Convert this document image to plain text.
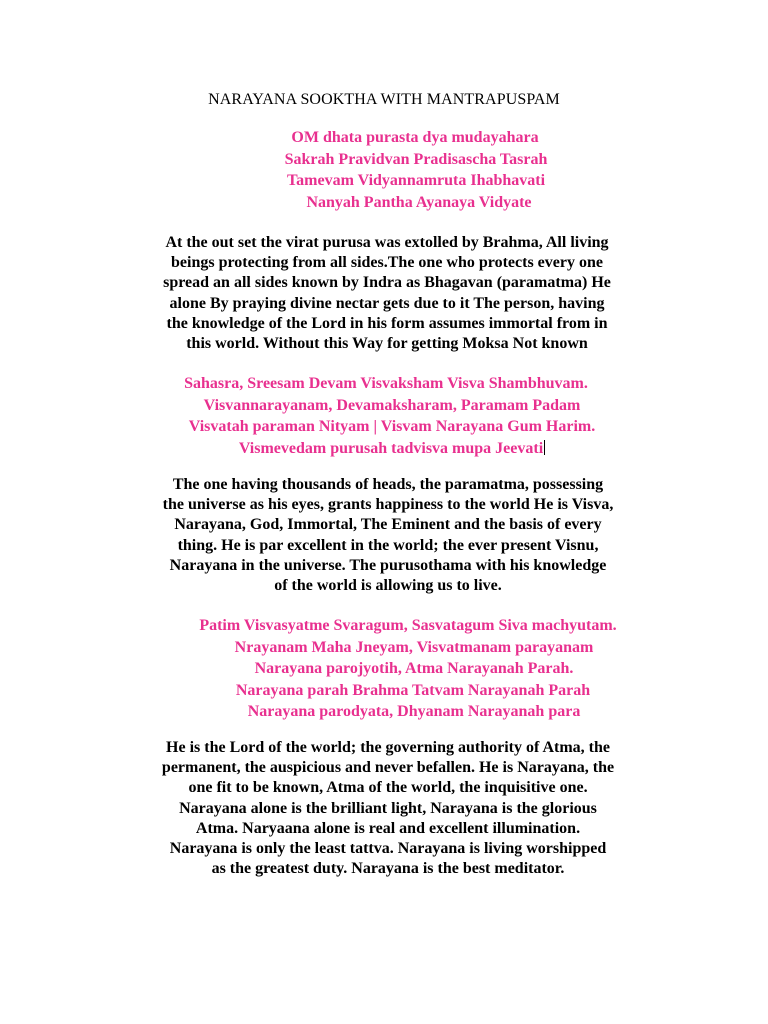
NARAYANA SOOKTHA WITH MANTRAPUSPAM
OM dhata purasta dya mudayahara
Sakrah Pravidvan Pradisascha Tasrah
Tamevam Vidyannamruta Ihabhavati
Nanyah Pantha Ayanaya Vidyate
At the out set the virat purusa was extolled by Brahma, All living
beings protecting from all sides.The one who protects every one
spread an all sides known by Indra as Bhagavan (paramatma) He
alone By praying divine nectar gets due to it The person, having
the knowledge of the Lord in his form assumes immortal from in
this world. Without this Way for getting Moksa Not known
Sahasra, Sreesam Devam Visvaksham Visva Shambhuvam.
Visvannarayanam, Devamaksharam, Paramam Padam
Visvatah paraman Nityam | Visvam Narayana Gum Harim.
Vismevedam purusah tadvisva mupa Jeevati
The one having thousands of heads, the paramatma, possessing
the universe as his eyes, grants happiness to the world He is Visva,
Narayana, God, Immortal, The Eminent and the basis of every
thing. He is par excellent in the world; the ever present Visnu,
Narayana in the universe. The purusothama with his knowledge
of the world is allowing us to live.
Patim Visvasyatme Svaragum, Sasvatagum Siva machyutam.
Nrayanam Maha Jneyam, Visvatmanam parayanam
Narayana parojyotih, Atma Narayanah Parah.
Narayana parah Brahma Tatvam Narayanah Parah
Narayana parodyata, Dhyanam Narayanah para
He is the Lord of the world; the governing authority of Atma, the
permanent, the auspicious and never befallen. He is Narayana, the
one fit to be known, Atma of the world, the inquisitive one.
Narayana alone is the brilliant light, Narayana is the glorious
Atma. Naryaana alone is real and excellent illumination.
Narayana is only the least tattva. Narayana is living worshipped
as the greatest duty. Narayana is the best meditator.
